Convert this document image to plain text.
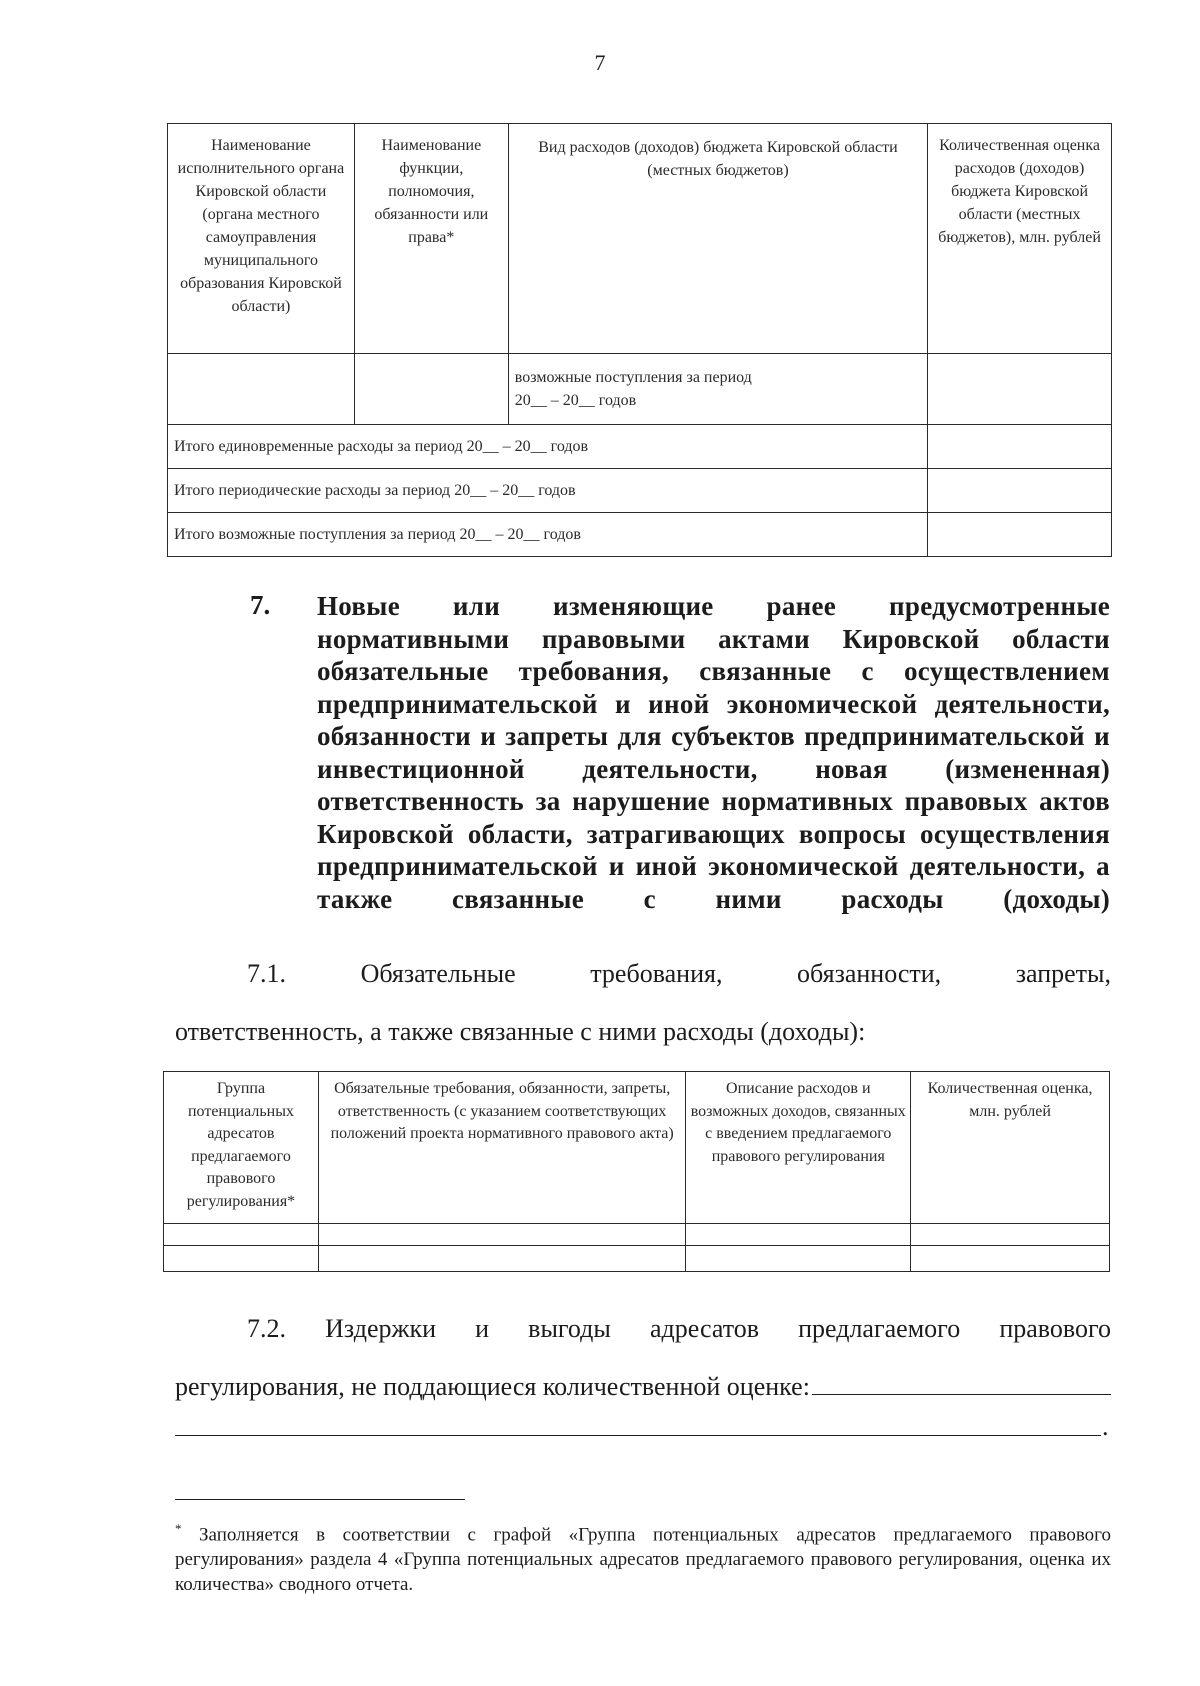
7
Наименование исполнительного органа Кировской области (органа местного самоуправления муниципального образования Кировской области)	Наименование функции, полномочия, обязанности или права*	Вид расходов (доходов) бюджета Кировской области (местных бюджетов)	Количественная оценка расходов (доходов) бюджета Кировской области (местных бюджетов), млн. рублей

		возможные поступления за период
20__ – 20__ годов	

Итого единовременные расходы за период 20__ – 20__ годов			
Итого периодические расходы за период 20__ – 20__ годов			
Итого возможные поступления за период 20__ – 20__ годов			
7. Новые или изменяющие ранее предусмотренные нормативными правовыми актами Кировской области обязательные требования, связанные с осуществлением предпринимательской и иной экономической деятельности, обязанности и запреты для субъектов предпринимательской и инвестиционной деятельности, новая (измененная) ответственность за нарушение нормативных правовых актов Кировской области, затрагивающих вопросы осуществления предпринимательской и иной экономической деятельности, а также связанные с ними расходы (доходы)
7.1. Обязательные требования, обязанности, запреты,
ответственность, а также связанные с ними расходы (доходы):
Группа потенциальных адресатов предлагаемого правового регулирования*	Обязательные требования, обязанности, запреты, ответственность (с указанием соответствующих положений проекта нормативного правового акта)	Описание расходов и возможных доходов, связанных с введением предлагаемого правового регулирования	Количественная оценка, млн. рублей

7.2. Издержки и выгоды адресатов предлагаемого правового
регулирования, не поддающиеся количественной оценке:
.
* Заполняется в соответствии с графой «Группа потенциальных адресатов предлагаемого правового регулирования» раздела 4 «Группа потенциальных адресатов предлагаемого правового регулирования, оценка их количества» сводного отчета.
